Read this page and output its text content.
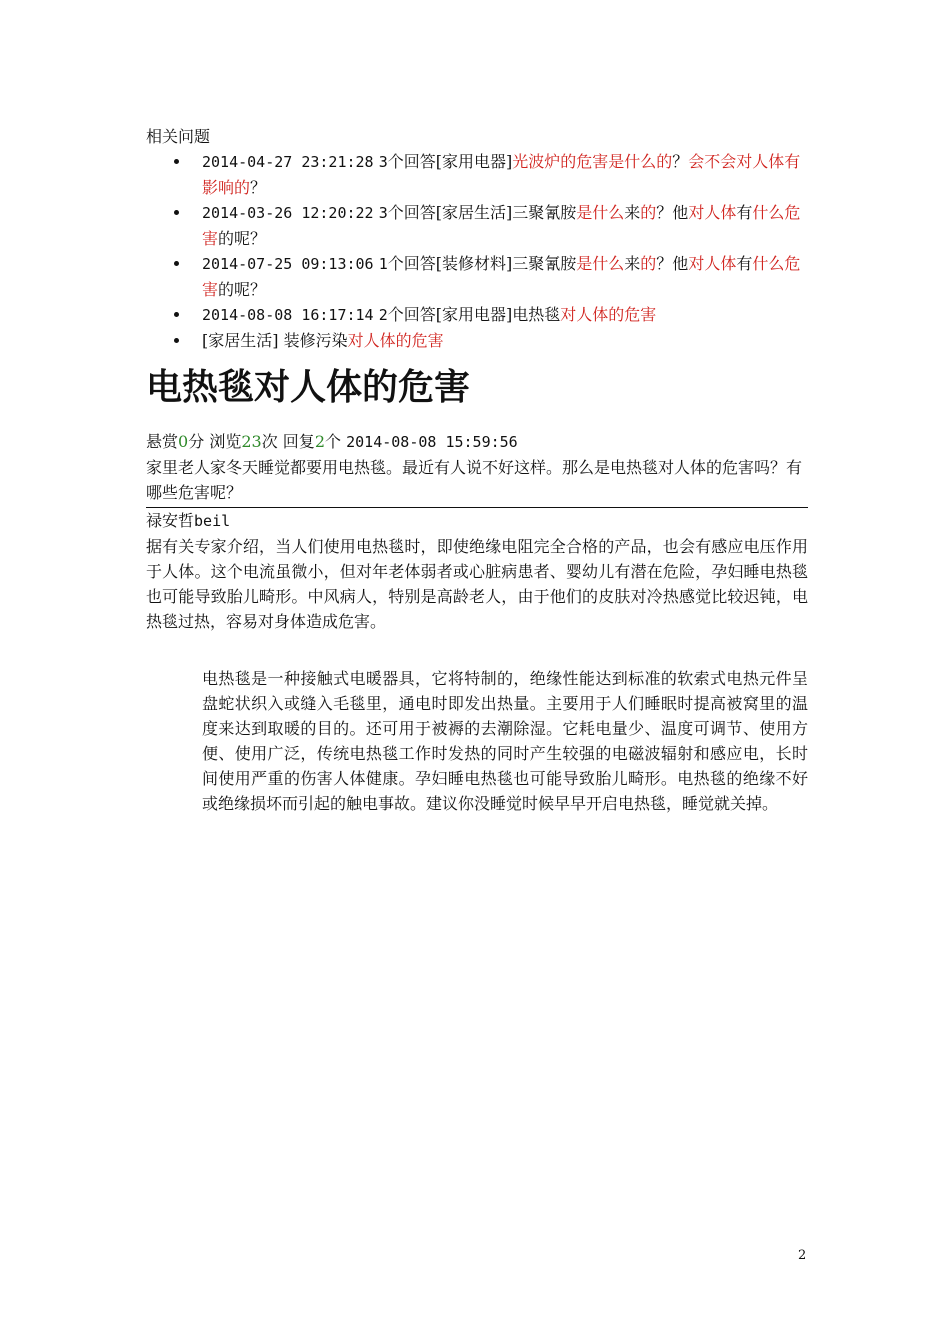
相关问题

2014-04-27 23:21:28 3个回答[家用电器]光波炉的危害是什么的？会不会对人体有影响的？
2014-03-26 12:20:22 3个回答[家居生活]三聚氰胺是什么来的？他对人体有什么危害的呢？
2014-07-25 09:13:06 1个回答[装修材料]三聚氰胺是什么来的？他对人体有什么危害的呢？
2014-08-08 16:17:14 2个回答[家用电器]电热毯对人体的危害
[家居生活] 装修污染对人体的危害
电热毯对人体的危害
悬赏0分 浏览23次 回复2个 2014-08-08 15:59:56
家里老人家冬天睡觉都要用电热毯。最近有人说不好这样。那么是电热毯对人体的危害吗？有哪些危害呢？
禄安哲beil
据有关专家介绍，当人们使用电热毯时，即使绝缘电阻完全合格的产品，也会有感应电压作用于人体。这个电流虽微小，但对年老体弱者或心脏病患者、婴幼儿有潜在危险，孕妇睡电热毯也可能导致胎儿畸形。中风病人，特别是高龄老人，由于他们的皮肤对冷热感觉比较迟钝，电热毯过热，容易对身体造成危害。
电热毯是一种接触式电暖器具，它将特制的，绝缘性能达到标准的软索式电热元件呈盘蛇状织入或缝入毛毯里，通电时即发出热量。主要用于人们睡眠时提高被窝里的温度来达到取暖的目的。还可用于被褥的去潮除湿。它耗电量少、温度可调节、使用方便、使用广泛，传统电热毯工作时发热的同时产生较强的电磁波辐射和感应电，长时间使用严重的伤害人体健康。孕妇睡电热毯也可能导致胎儿畸形。电热毯的绝缘不好或绝缘损坏而引起的触电事故。建议你没睡觉时候早早开启电热毯，睡觉就关掉。
2
